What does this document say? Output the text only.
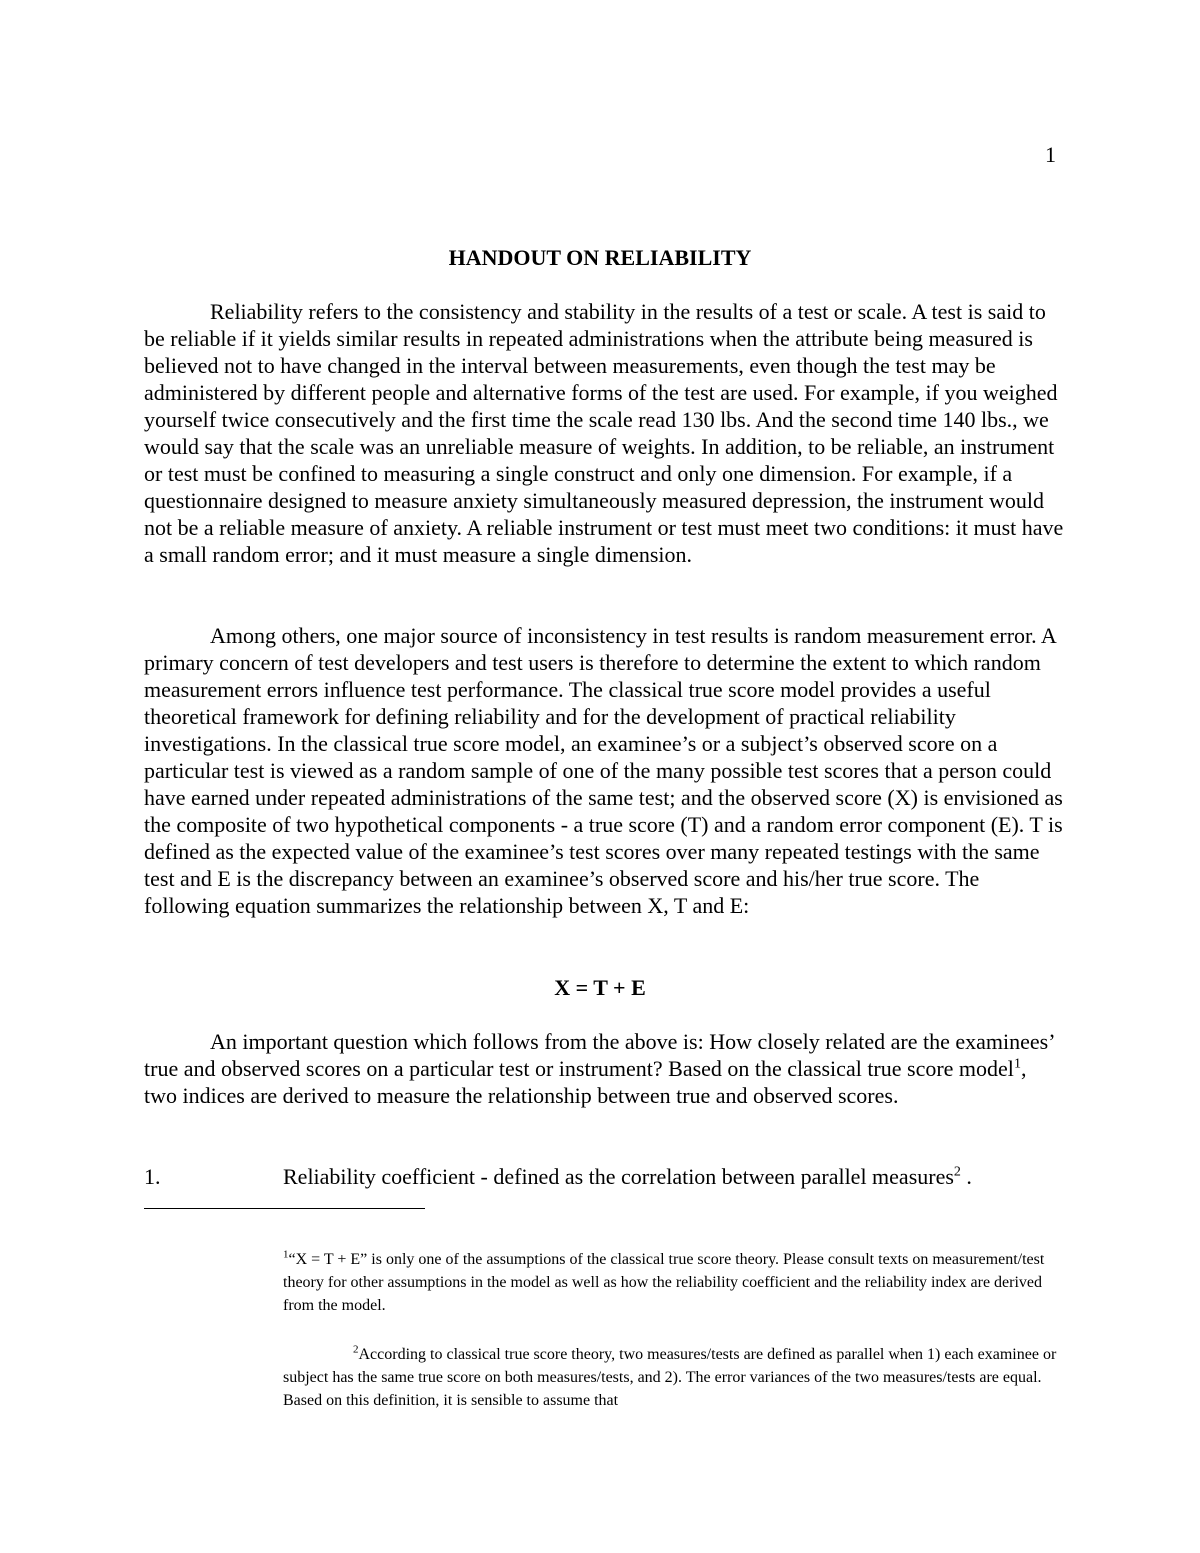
1
HANDOUT ON RELIABILITY

Reliability refers to the consistency and stability in the results of a test or scale. A test is said to be reliable if it yields similar results in repeated administrations when the attribute being measured is believed not to have changed in the interval between measurements, even though the test may be administered by different people and alternative forms of the test are used. For example, if you weighed yourself twice consecutively and the first time the scale read 130 lbs. And the second time 140 lbs., we would say that the scale was an unreliable measure of weights. In addition, to be reliable, an instrument or test must be confined to measuring a single construct and only one dimension. For example, if a questionnaire designed to measure anxiety simultaneously measured depression, the instrument would not be a reliable measure of anxiety. A reliable instrument or test must meet two conditions: it must have a small random error; and it must measure a single dimension.

Among others, one major source of inconsistency in test results is random measurement error. A primary concern of test developers and test users is therefore to determine the extent to which random measurement errors influence test performance. The classical true score model provides a useful theoretical framework for defining reliability and for the development of practical reliability investigations. In the classical true score model, an examinee’s or a subject’s observed score on a particular test is viewed as a random sample of one of the many possible test scores that a person could have earned under repeated administrations of the same test; and the observed score (X) is envisioned as the composite of two hypothetical components - a true score (T) and a random error component (E). T is defined as the expected value of the examinee’s test scores over many repeated testings with the same test and E is the discrepancy between an examinee’s observed score and his/her true score. The following equation summarizes the relationship between X, T and E:

X = T + E

An important question which follows from the above is: How closely related are the examinees’ true and observed scores on a particular test or instrument? Based on the classical true score model$^1$, two indices are derived to measure the relationship between true and observed scores.

1.	Reliability coefficient - defined as the correlation between parallel measures$^2$ .

$^1$“X = T + E” is only one of the assumptions of the classical true score theory. Please consult texts on measurement/test theory for other assumptions in the model as well as how the reliability coefficient and the reliability index are derived from the model.

$^2$According to classical true score theory, two measures/tests are defined as parallel when 1) each examinee or subject has the same true score on both measures/tests, and 2). The error variances of the two measures/tests are equal. Based on this definition, it is sensible to assume that
